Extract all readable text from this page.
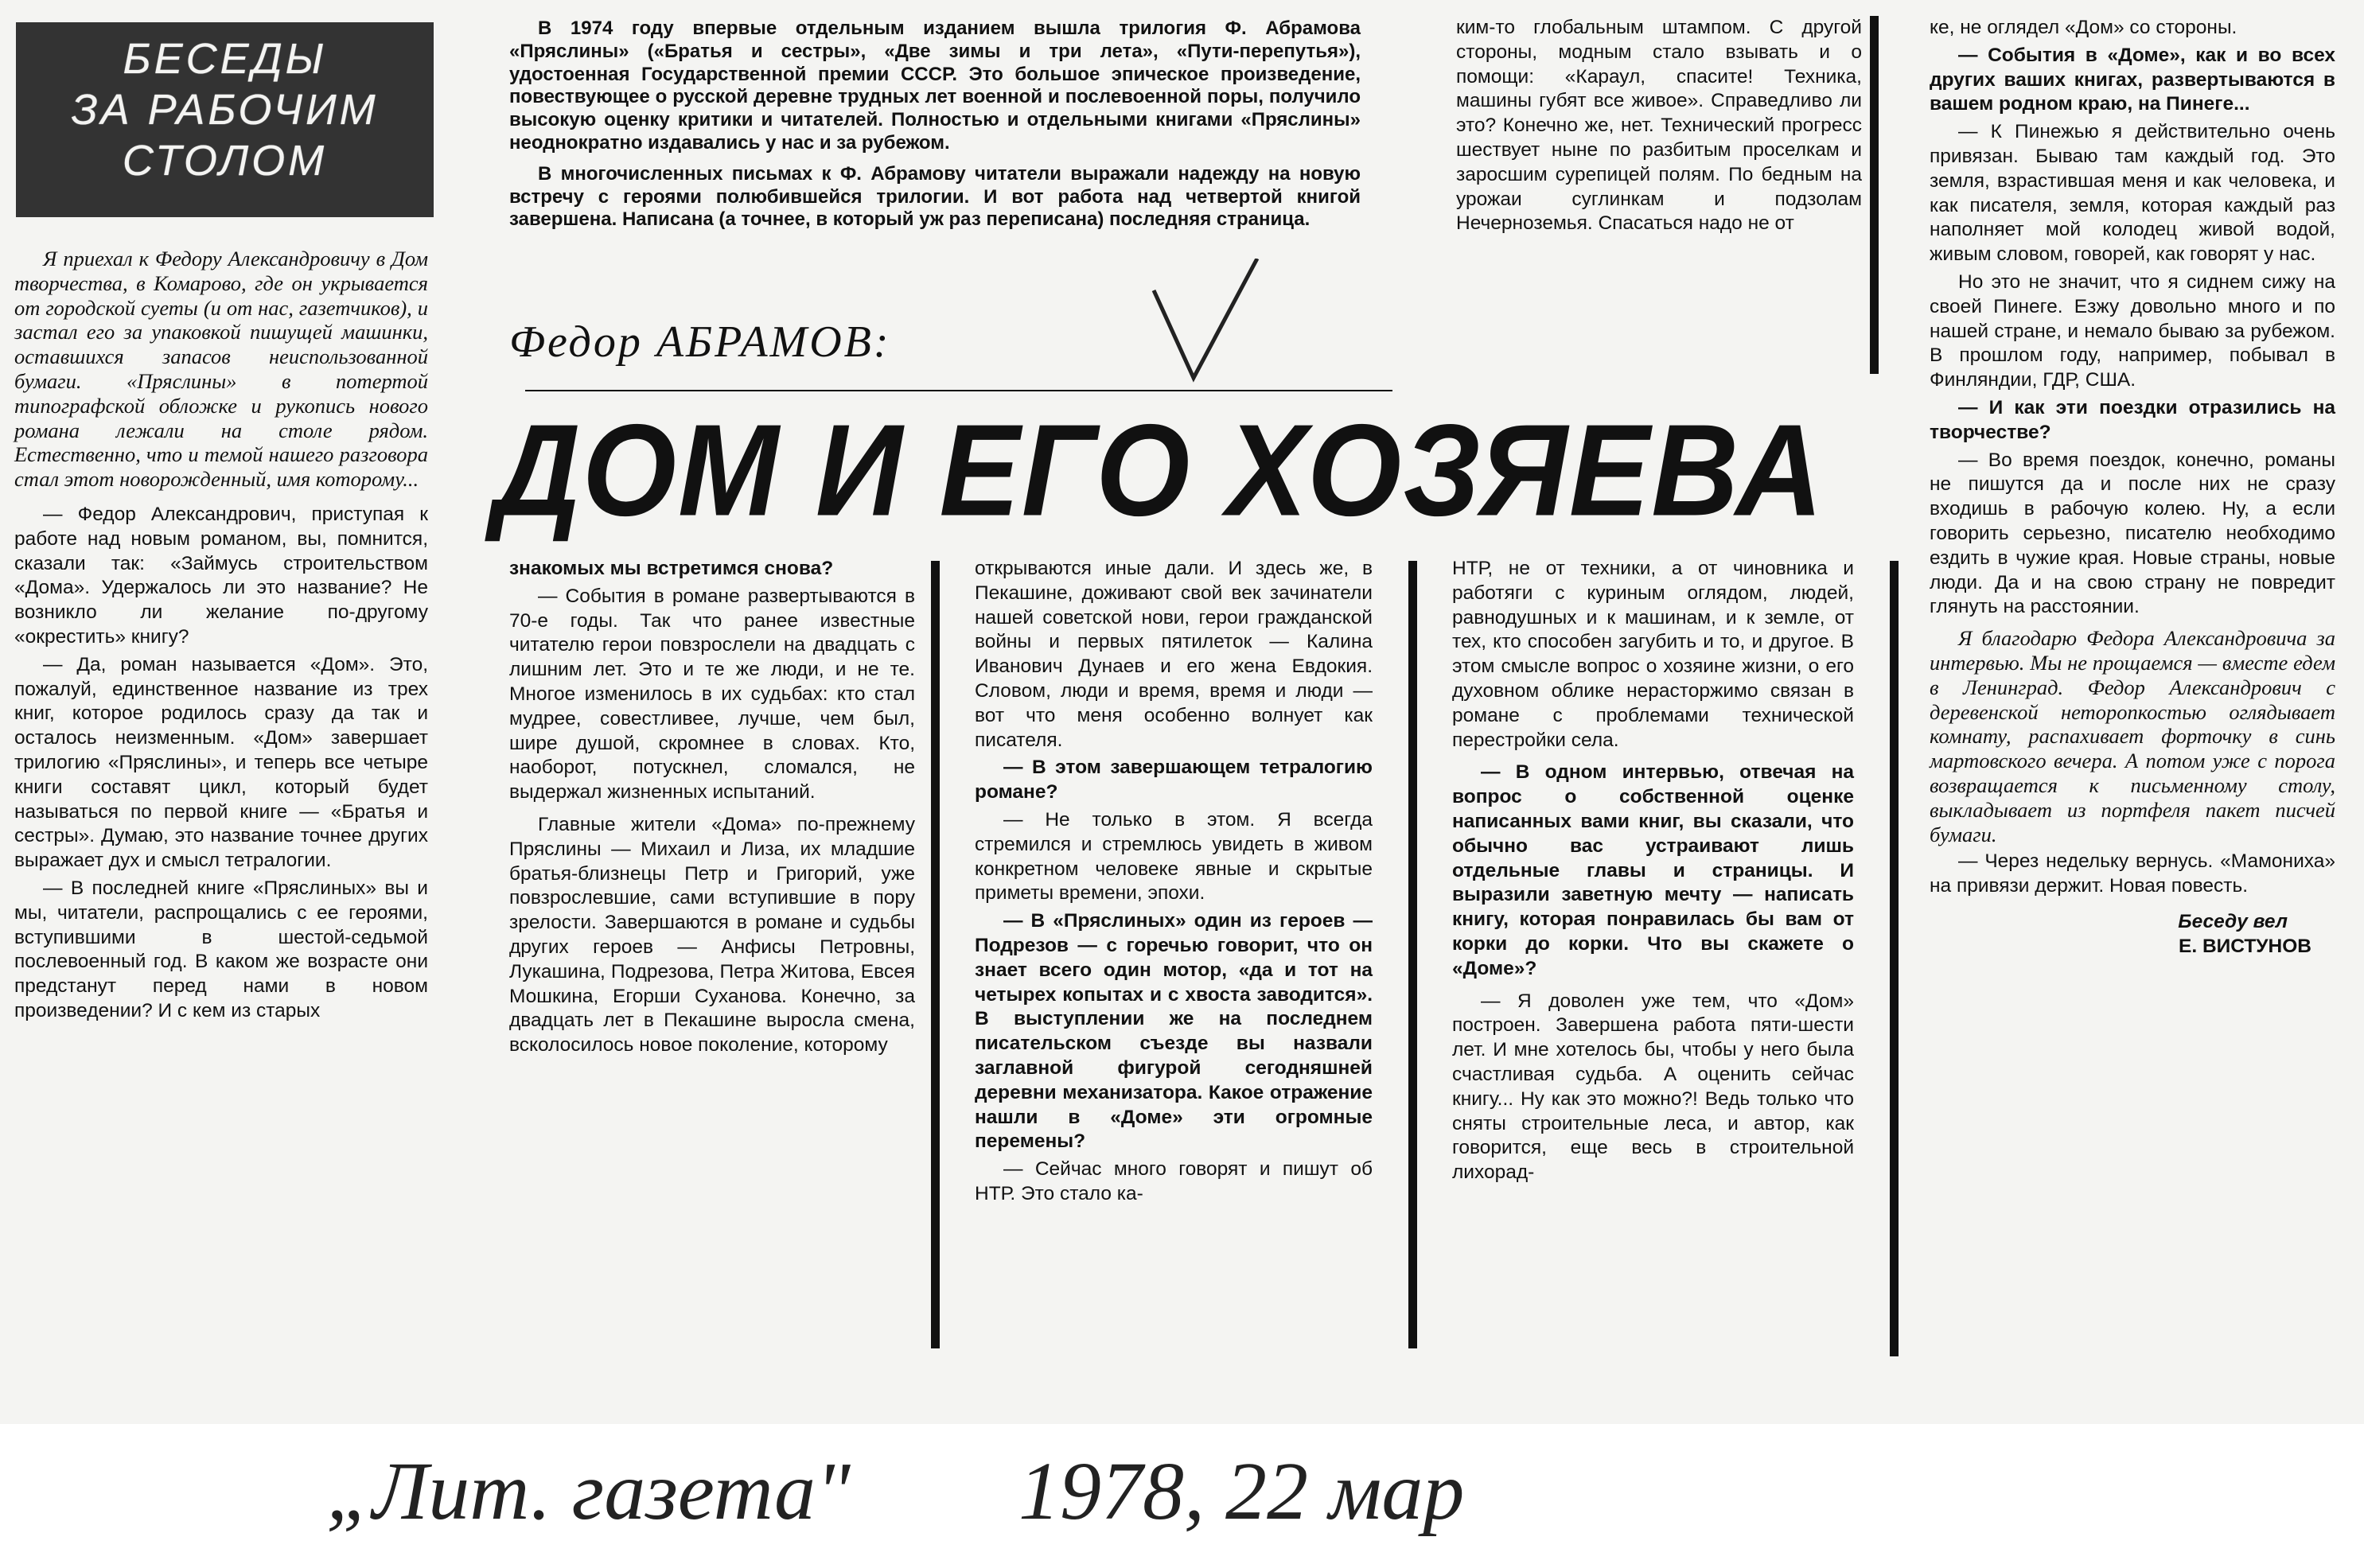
БЕСЕДЫ
ЗА РАБОЧИМ
СТОЛОМ

В 1974 году впервые отдельным изданием вышла трилогия Ф. Абрамова «Пряслины» («Братья и сестры», «Две зимы и три лета», «Пути-перепутья»), удостоенная Государственной премии СССР. Это большое эпическое произведение, повествующее о русской деревне трудных лет военной и послевоенной поры, получило высокую оценку критики и читателей. Полностью и отдельными книгами «Пряслины» неоднократно издавались у нас и за рубежом.

В многочисленных письмах к Ф. Абрамову читатели выражали надежду на новую встречу с героями полюбившейся трилогии. И вот работа над четвертой книгой завершена. Написана (а точнее, в который уж раз переписана) последняя страница.

Федор АБРАМОВ:
ДОМ И ЕГО ХОЗЯЕВА

Я приехал к Федору Александровичу в Дом творчества, в Комарово, где он укрывается от городской суеты (и от нас, газетчиков), и застал его за упаковкой пишущей машинки, оставшихся запасов неиспользованной бумаги. «Пряслины» в потертой типографской обложке и рукопись нового романа лежали на столе рядом. Естественно, что и темой нашего разговора стал этот новорожденный, имя которому...

— Федор Александрович, приступая к работе над новым романом, вы, помнится, сказали так: «Займусь строительством «Дома». Удержалось ли это название? Не возникло ли желание по-другому «окрестить» книгу?

— Да, роман называется «Дом». Это, пожалуй, единственное название из трех книг, которое родилось сразу да так и осталось неизменным. «Дом» завершает трилогию «Пряслины», и теперь все четыре книги составят цикл, который будет называться по первой книге — «Братья и сестры». Думаю, это название точнее других выражает дух и смысл тетралогии.

— В последней книге «Пряслиных» вы и мы, читатели, распрощались с ее героями, вступившими в шестой-седьмой послевоенный год. В каком же возрасте они предстанут перед нами в новом произведении? И с кем из старых

знакомых мы встретимся снова?

— События в романе развертываются в 70-е годы. Так что ранее известные читателю герои повзрослели на двадцать с лишним лет. Это и те же люди, и не те. Многое изменилось в их судьбах: кто стал мудрее, совестливее, лучше, чем был, шире душой, скромнее в словах. Кто, наоборот, потускнел, сломался, не выдержал жизненных испытаний.

Главные жители «Дома» по-прежнему Пряслины — Михаил и Лиза, их младшие братья-близнецы Петр и Григорий, уже повзрослевшие, сами вступившие в пору зрелости. Завершаются в романе и судьбы других героев — Анфисы Петровны, Лукашина, Подрезова, Петра Житова, Евсея Мошкина, Егорши Суханова. Конечно, за двадцать лет в Пекашине выросла смена, всколосилось новое поколение, которому

открываются иные дали. И здесь же, в Пекашине, доживают свой век зачинатели нашей советской нови, герои гражданской войны и первых пятилеток — Калина Иванович Дунаев и его жена Евдокия. Словом, люди и время, время и люди — вот что меня особенно волнует как писателя.

— В этом завершающем тетралогию романе?

— Не только в этом. Я всегда стремился и стремлюсь увидеть в живом конкретном человеке явные и скрытые приметы времени, эпохи.

— В «Пряслиных» один из героев — Подрезов — с горечью говорит, что он знает всего один мотор, «да и тот на четырех копытах и с хвоста заводится». В выступлении же на последнем писательском съезде вы назвали заглавной фигурой сегодняшней деревни механизатора. Какое отражение нашли в «Доме» эти огромные перемены?

— Сейчас много говорят и пишут об НТР. Это стало ка-

ким-то глобальным штампом. С другой стороны, модным стало взывать и о помощи: «Караул, спасите! Техника, машины губят все живое». Справедливо ли это? Конечно же, нет. Технический прогресс шествует ныне по разбитым проселкам и заросшим сурепицей полям. По бедным на урожаи суглинкам и подзолам Нечерноземья. Спасаться надо не от

НТР, не от техники, а от чиновника и работяги с куриным оглядом, людей, равнодушных и к машинам, и к земле, от тех, кто способен загубить и то, и другое. В этом смысле вопрос о хозяине жизни, о его духовном облике нерасторжимо связан в романе с проблемами технической перестройки села.

— В одном интервью, отвечая на вопрос о собственной оценке написанных вами книг, вы сказали, что обычно вас устраивают лишь отдельные главы и страницы. И выразили заветную мечту — написать книгу, которая понравилась бы вам от корки до корки. Что вы скажете о «Доме»?

— Я доволен уже тем, что «Дом» построен. Завершена работа пяти-шести лет. И мне хотелось бы, чтобы у него была счастливая судьба. А оценить сейчас книгу... Ну как это можно?! Ведь только что сняты строительные леса, и автор, как говорится, еще весь в строительной лихорад-

ке, не оглядел «Дом» со стороны.

— События в «Доме», как и во всех других ваших книгах, развертываются в вашем родном краю, на Пинеге...

— К Пинежью я действительно очень привязан. Бываю там каждый год. Это земля, взрастившая меня и как человека, и как писателя, земля, которая каждый раз наполняет мой колодец живой водой, живым словом, говорей, как говорят у нас.

Но это не значит, что я сиднем сижу на своей Пинеге. Езжу довольно много и по нашей стране, и немало бываю за рубежом. В прошлом году, например, побывал в Финляндии, ГДР, США.

— И как эти поездки отразились на творчестве?

— Во время поездок, конечно, романы не пишутся да и после них не сразу входишь в рабочую колею. Ну, а если говорить серьезно, писателю необходимо ездить в чужие края. Новые страны, новые люди. Да и на свою страну не повредит глянуть на расстоянии.

Я благодарю Федора Александровича за интервью. Мы не прощаемся — вместе едем в Ленинград. Федор Александрович с деревенской неторопкостью оглядывает комнату, распахивает форточку в синь мартовского вечера. А потом уже с порога возвращается к письменному столу, выкладывает из портфеля пакет писчей бумаги.

— Через недельку вернусь. «Мамониха» на привязи держит. Новая повесть.

Беседу вел
Е. ВИСТУНОВ
„Лит. газета" 1978, 22 мар
